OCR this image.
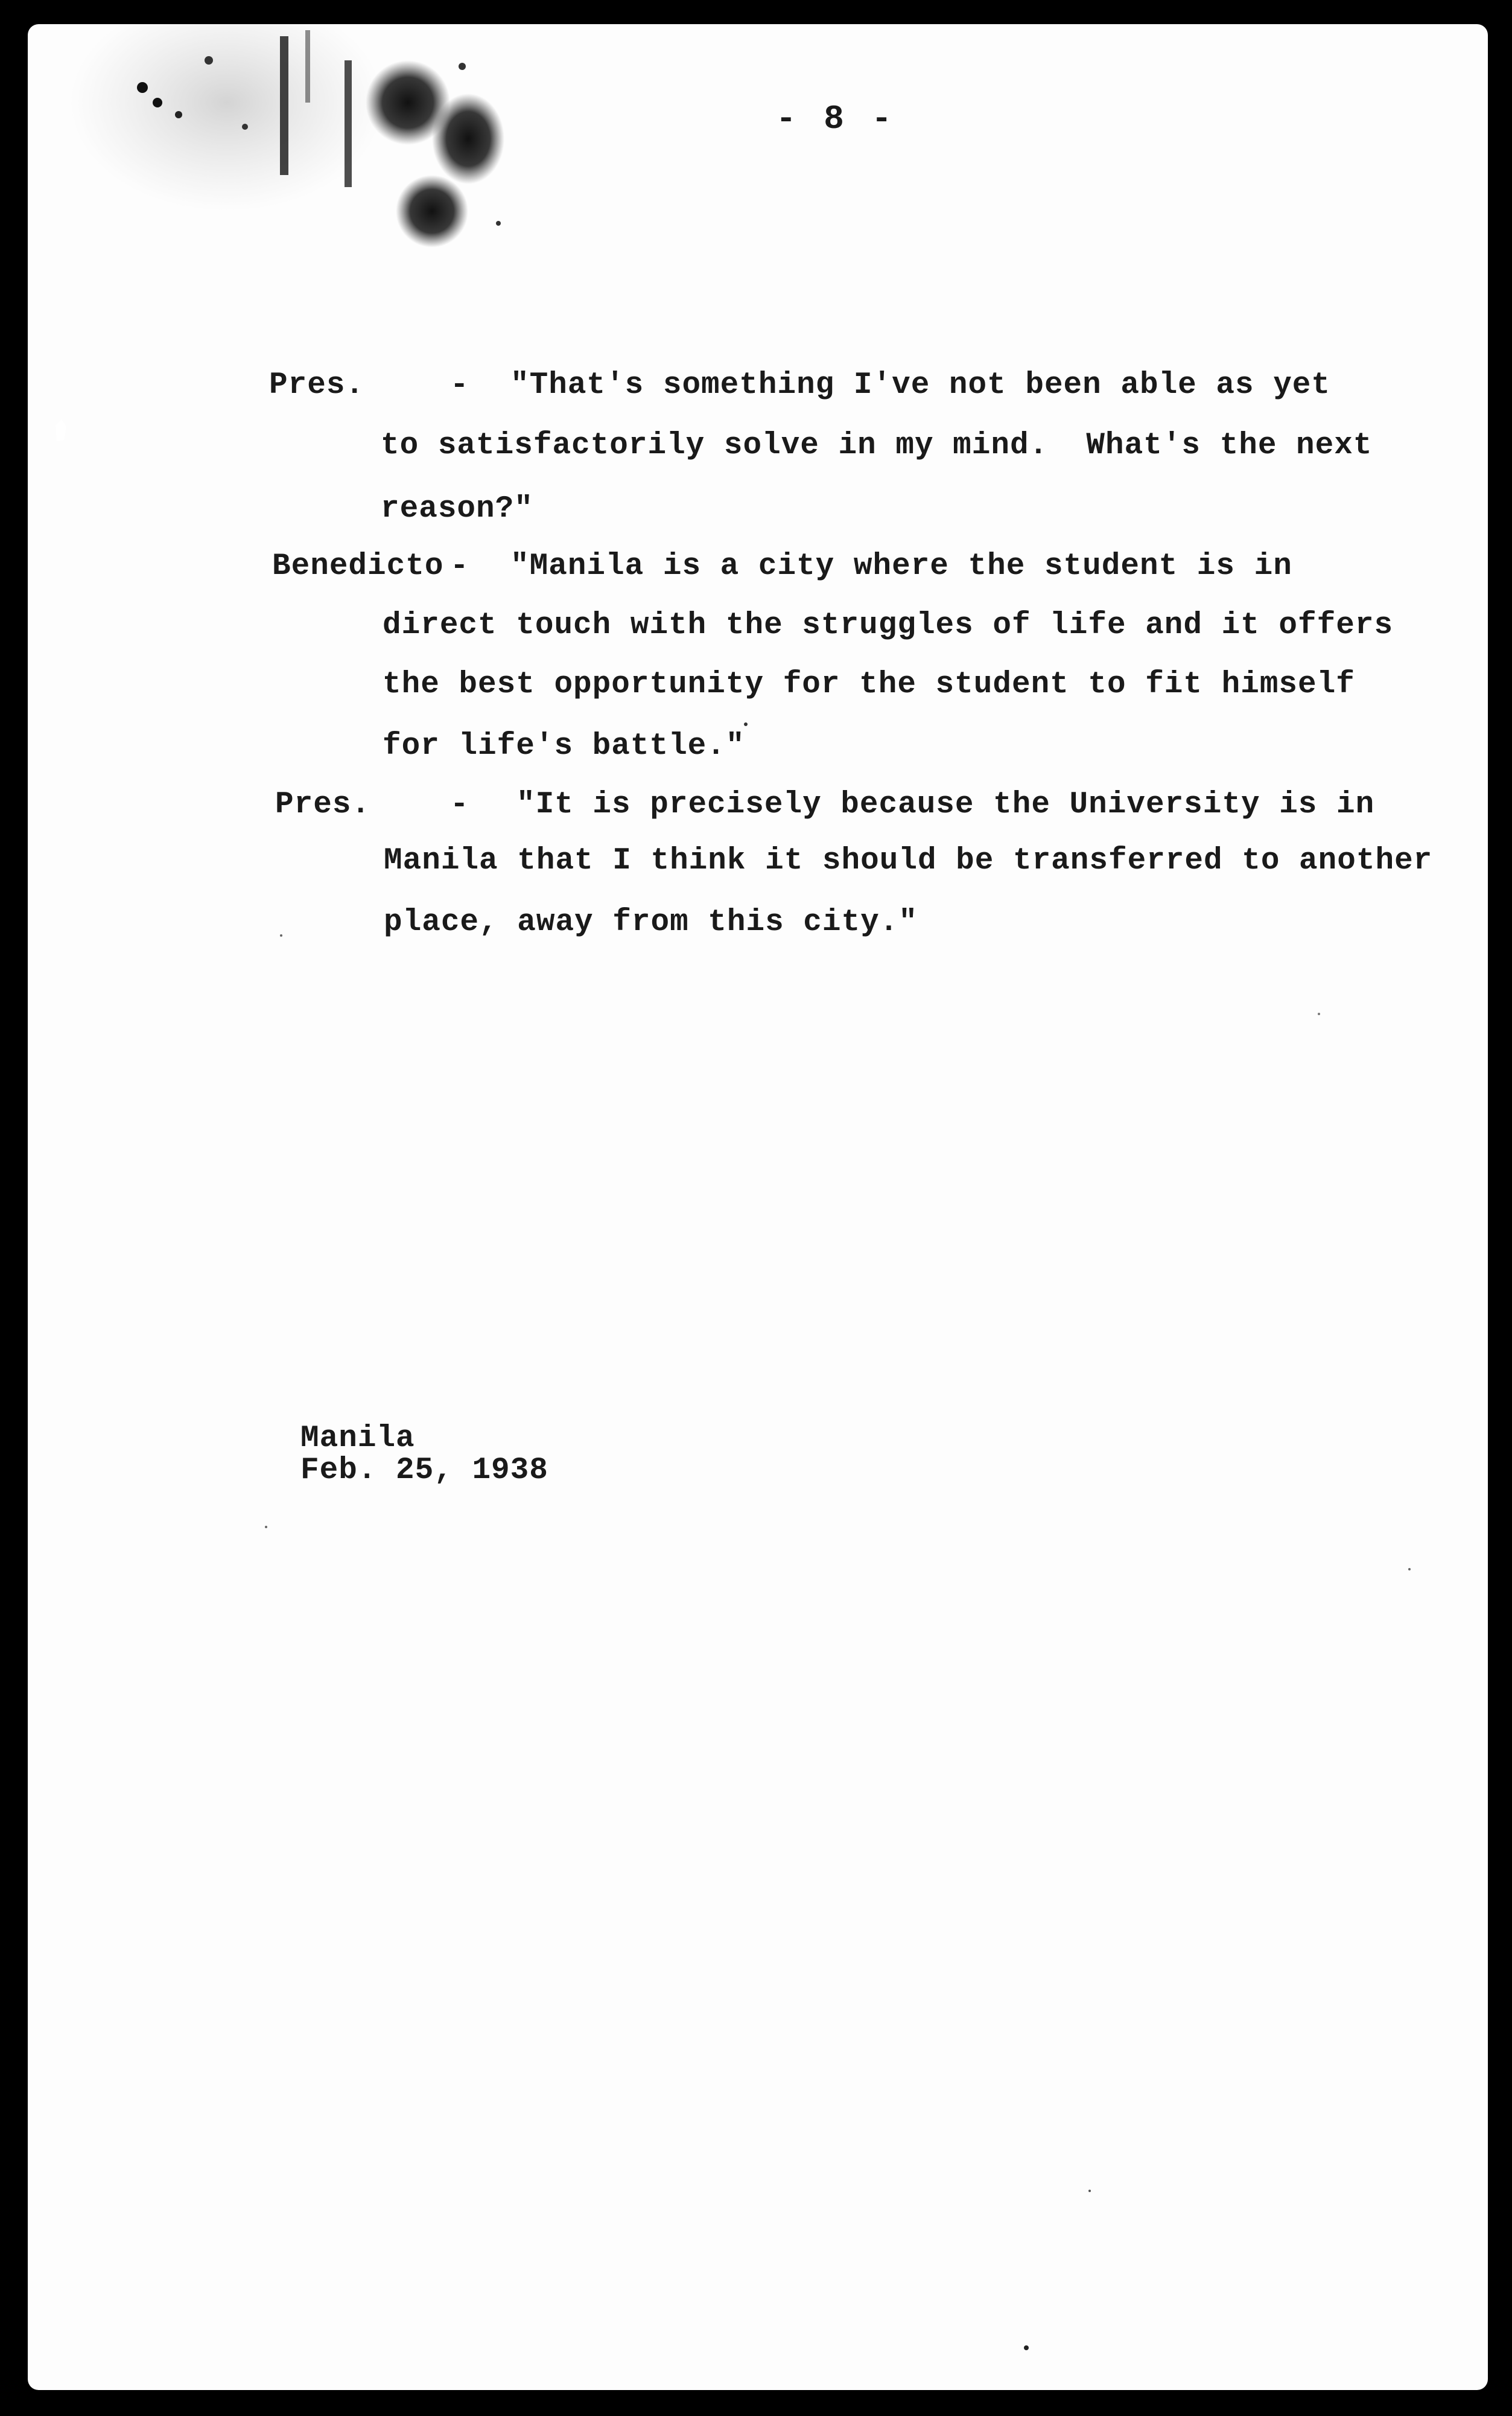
- 8 -
Pres.	- "That's something I've not been able as yet
to satisfactorily solve in my mind.  What's the next
reason?"
Benedicto - "Manila is a city where the student is in
direct touch with the struggles of life and it offers
the best opportunity for the student to fit himself
for life's battle."
Pres.	- "It is precisely because the University is in
Manila that I think it should be transferred to another
place, away from this city."
Manila
Feb. 25, 1938
